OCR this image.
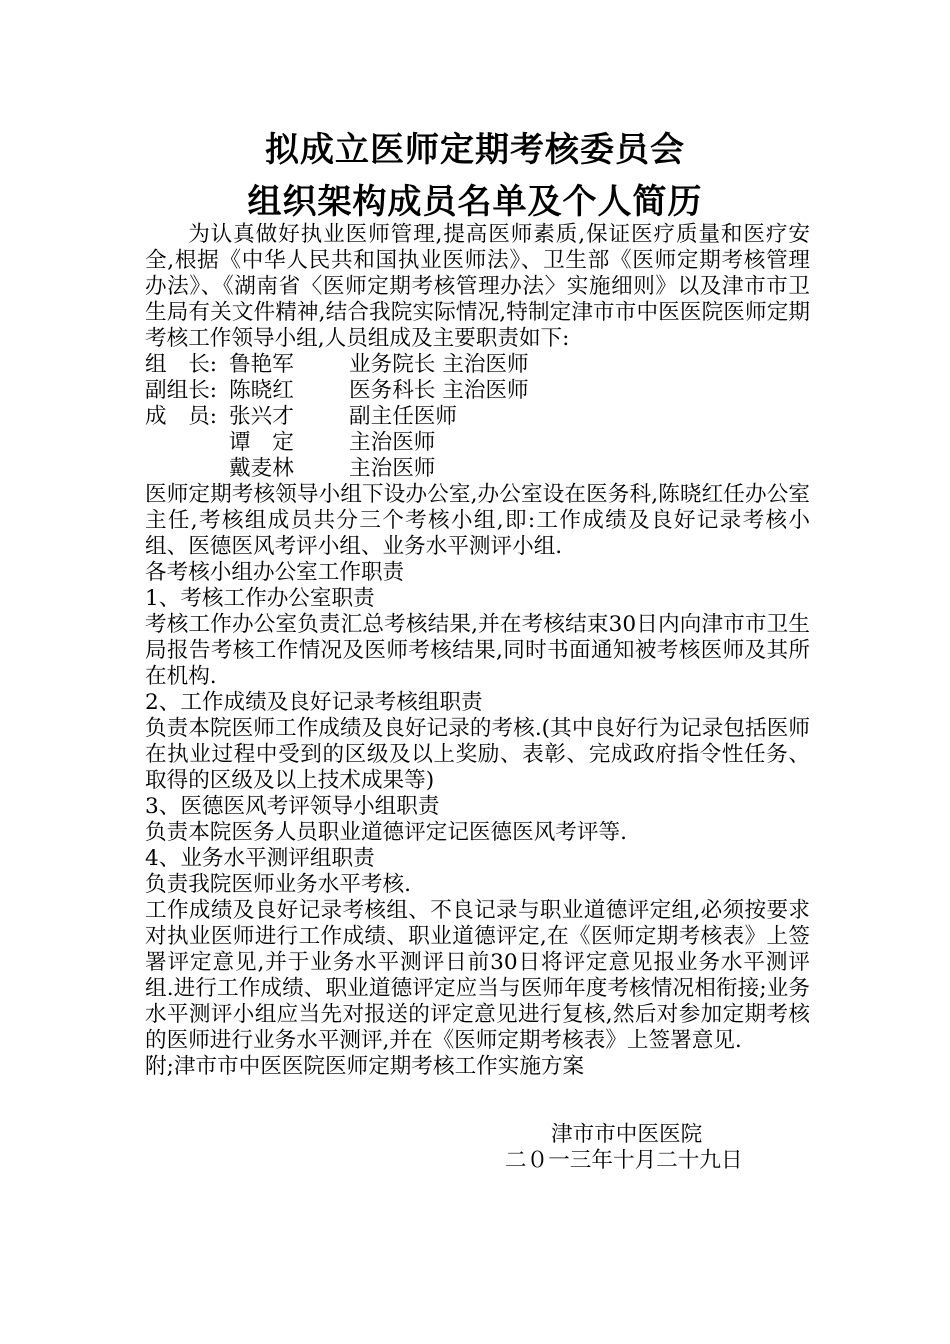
拟成立医师定期考核委员会
组织架构成员名单及个人简历

为认真做好执业医师管理,提高医师素质,保证医疗质量和医疗安全,根据《中华人民共和国执业医师法》、卫生部《医师定期考核管理办法》、《湖南省〈医师定期考核管理办法〉实施细则》以及津市市卫生局有关文件精神,结合我院实际情况,特制定津市市中医医院医师定期考核工作领导小组,人员组成及主要职责如下:

组　长: 鲁艳军	业务院长 主治医师
副组长: 陈晓红	医务科长 主治医师
成　员: 张兴才	副主任医师
谭　定	主治医师
戴麦林	主治医师

医师定期考核领导小组下设办公室,办公室设在医务科,陈晓红任办公室主任,考核组成员共分三个考核小组,即:工作成绩及良好记录考核小组、医德医风考评小组、业务水平测评小组.

各考核小组办公室工作职责

1、考核工作办公室职责

考核工作办公室负责汇总考核结果,并在考核结束30日内向津市市卫生局报告考核工作情况及医师考核结果,同时书面通知被考核医师及其所在机构.

2、工作成绩及良好记录考核组职责

负责本院医师工作成绩及良好记录的考核.(其中良好行为记录包括医师在执业过程中受到的区级及以上奖励、表彰、完成政府指令性任务、取得的区级及以上技术成果等)

3、医德医风考评领导小组职责

负责本院医务人员职业道德评定记医德医风考评等.

4、业务水平测评组职责

负责我院医师业务水平考核.

工作成绩及良好记录考核组、不良记录与职业道德评定组,必须按要求对执业医师进行工作成绩、职业道德评定,在《医师定期考核表》上签署评定意见,并于业务水平测评日前30日将评定意见报业务水平测评组.进行工作成绩、职业道德评定应当与医师年度考核情况相衔接;业务水平测评小组应当先对报送的评定意见进行复核,然后对参加定期考核的医师进行业务水平测评,并在《医师定期考核表》上签署意见.

附;津市市中医医院医师定期考核工作实施方案

津市市中医医院
二０一三年十月二十九日
